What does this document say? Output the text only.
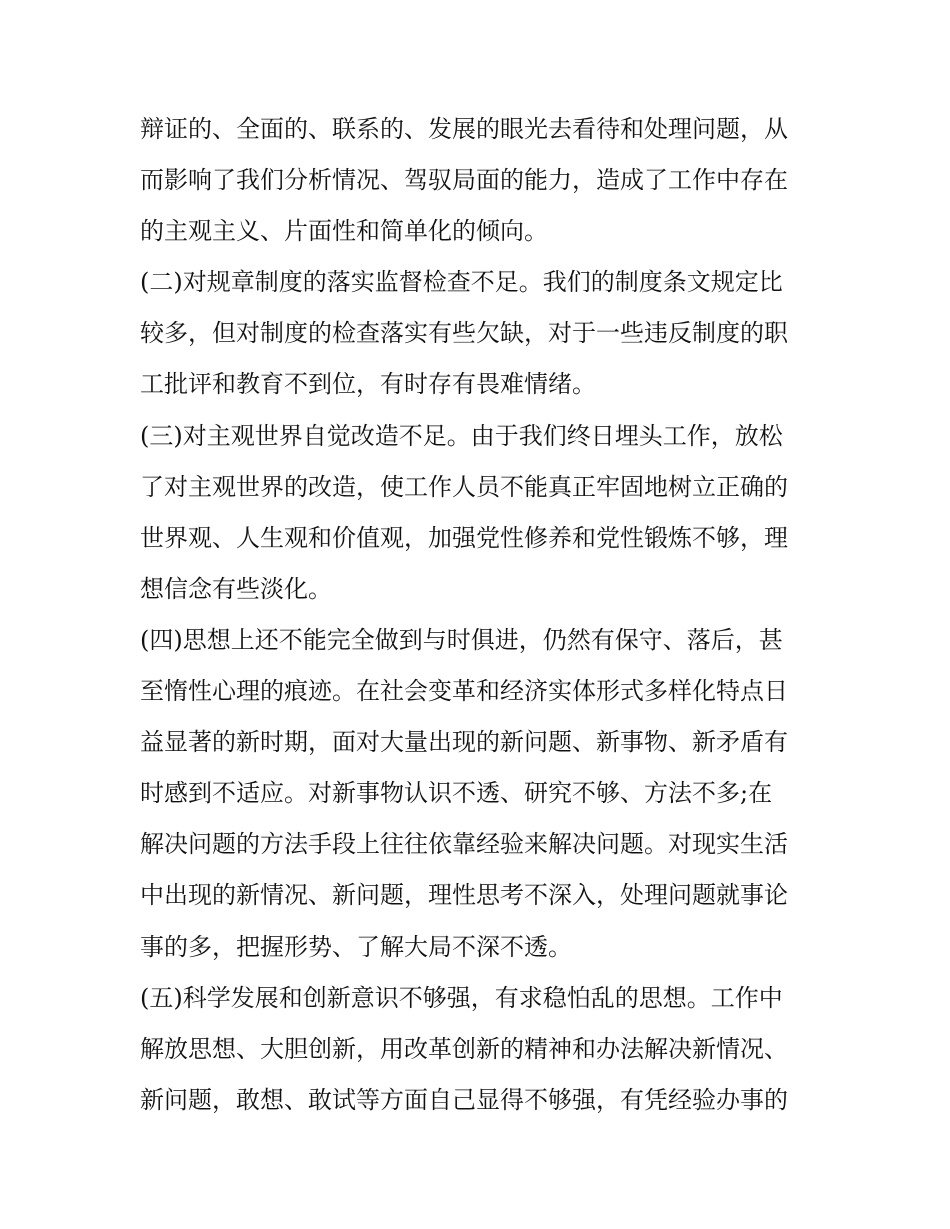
辩证的、全面的、联系的、发展的眼光去看待和处理问题，从
而影响了我们分析情况、驾驭局面的能力，造成了工作中存在
的主观主义、片面性和简单化的倾向。
(二)对规章制度的落实监督检查不足。我们的制度条文规定比
较多，但对制度的检查落实有些欠缺，对于一些违反制度的职
工批评和教育不到位，有时存有畏难情绪。
(三)对主观世界自觉改造不足。由于我们终日埋头工作，放松
了对主观世界的改造，使工作人员不能真正牢固地树立正确的
世界观、人生观和价值观，加强党性修养和党性锻炼不够，理
想信念有些淡化。
(四)思想上还不能完全做到与时俱进，仍然有保守、落后，甚
至惰性心理的痕迹。在社会变革和经济实体形式多样化特点日
益显著的新时期，面对大量出现的新问题、新事物、新矛盾有
时感到不适应。对新事物认识不透、研究不够、方法不多;在
解决问题的方法手段上往往依靠经验来解决问题。对现实生活
中出现的新情况、新问题，理性思考不深入，处理问题就事论
事的多，把握形势、了解大局不深不透。
(五)科学发展和创新意识不够强，有求稳怕乱的思想。工作中
解放思想、大胆创新，用改革创新的精神和办法解决新情况、
新问题，敢想、敢试等方面自己显得不够强，有凭经验办事的
